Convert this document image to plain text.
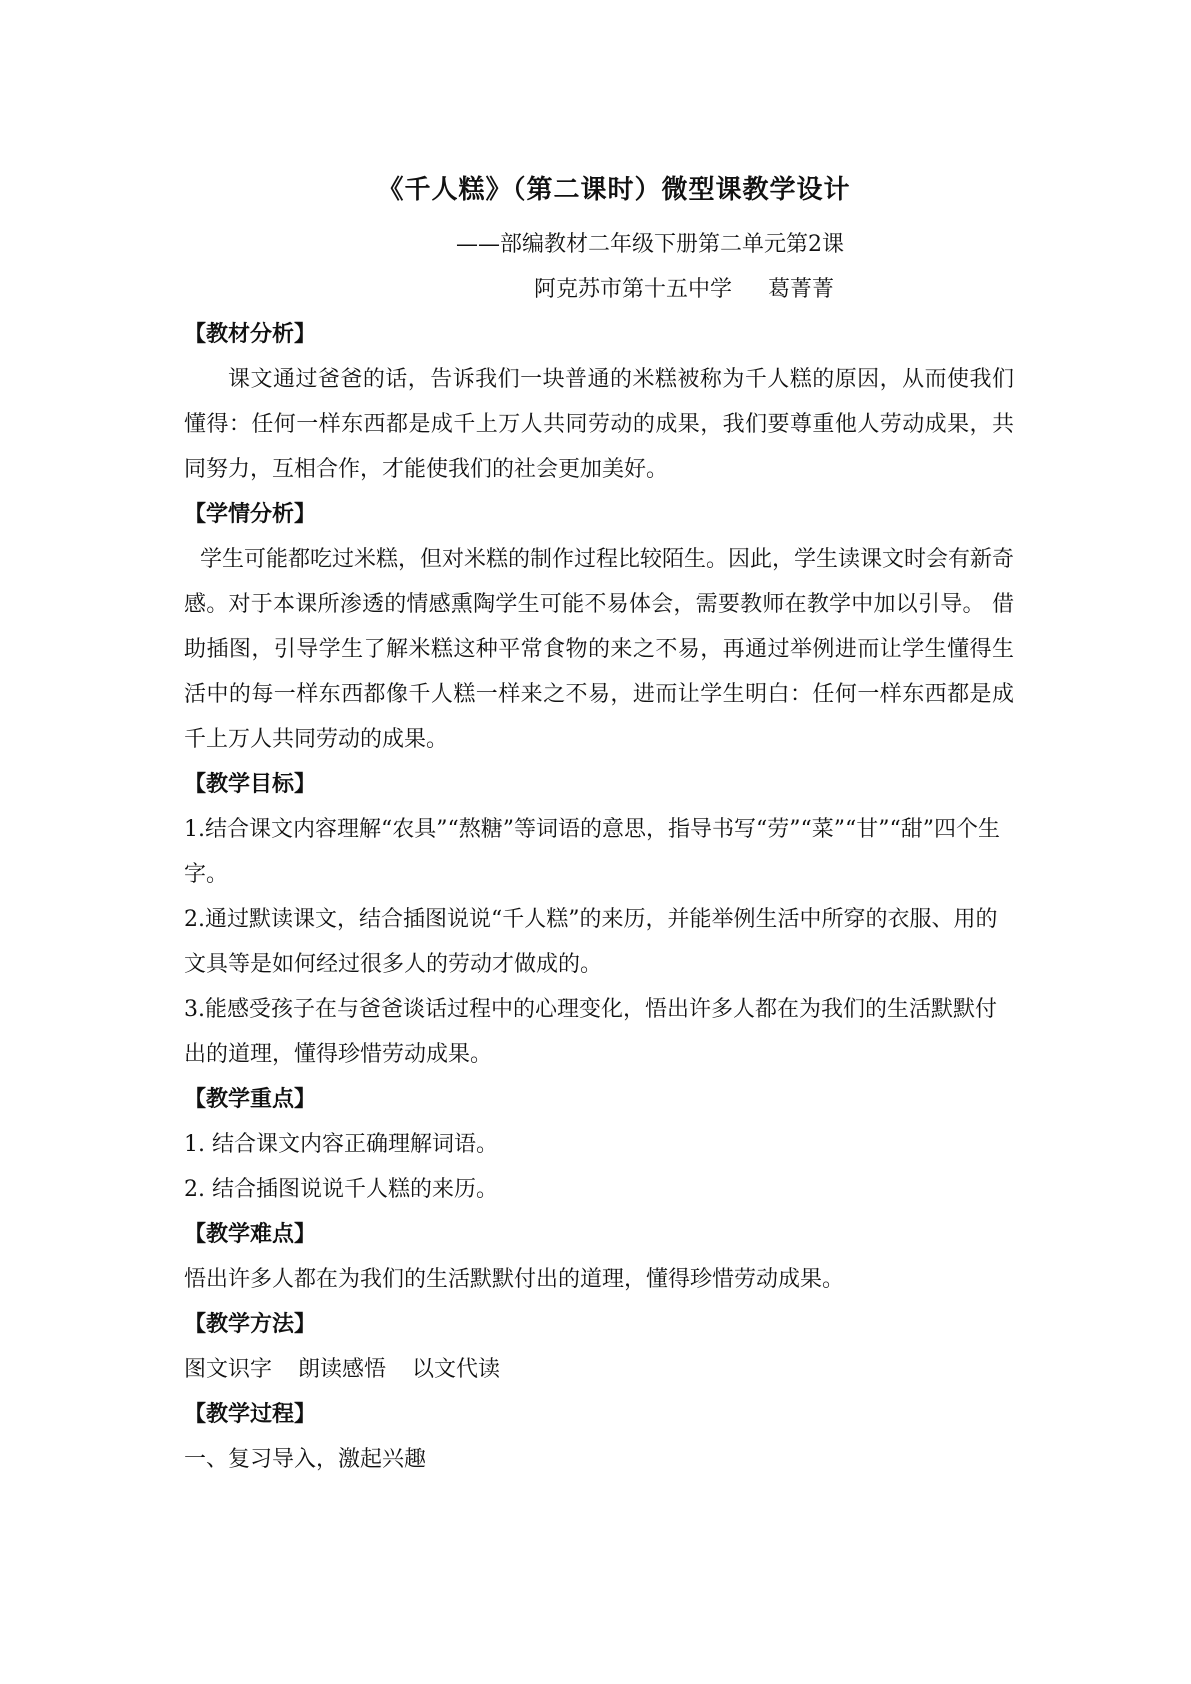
《千人糕》（第二课时）微型课教学设计
——部编教材二年级下册第二单元第2课
阿克苏市第十五中学 葛菁菁
【教材分析】

课文通过爸爸的话，告诉我们一块普通的米糕被称为千人糕的原因，从而使我们懂得：任何一样东西都是成千上万人共同劳动的成果，我们要尊重他人劳动成果，共同努力，互相合作，才能使我们的社会更加美好。

【学情分析】

学生可能都吃过米糕，但对米糕的制作过程比较陌生。因此，学生读课文时会有新奇感。对于本课所渗透的情感熏陶学生可能不易体会，需要教师在教学中加以引导。 借助插图，引导学生了解米糕这种平常食物的来之不易，再通过举例进而让学生懂得生活中的每一样东西都像千人糕一样来之不易，进而让学生明白：任何一样东西都是成千上万人共同劳动的成果。

【教学目标】

1.结合课文内容理解“农具”“熬糖”等词语的意思，指导书写“劳”“菜”“甘”“甜”四个生字。

2.通过默读课文，结合插图说说“千人糕”的来历，并能举例生活中所穿的衣服、用的文具等是如何经过很多人的劳动才做成的。

3.能感受孩子在与爸爸谈话过程中的心理变化，悟出许多人都在为我们的生活默默付出的道理，懂得珍惜劳动成果。

【教学重点】

1. 结合课文内容正确理解词语。

2. 结合插图说说千人糕的来历。

【教学难点】

悟出许多人都在为我们的生活默默付出的道理，懂得珍惜劳动成果。

【教学方法】

图文识字 朗读感悟 以文代读

【教学过程】

一、复习导入，激起兴趣
